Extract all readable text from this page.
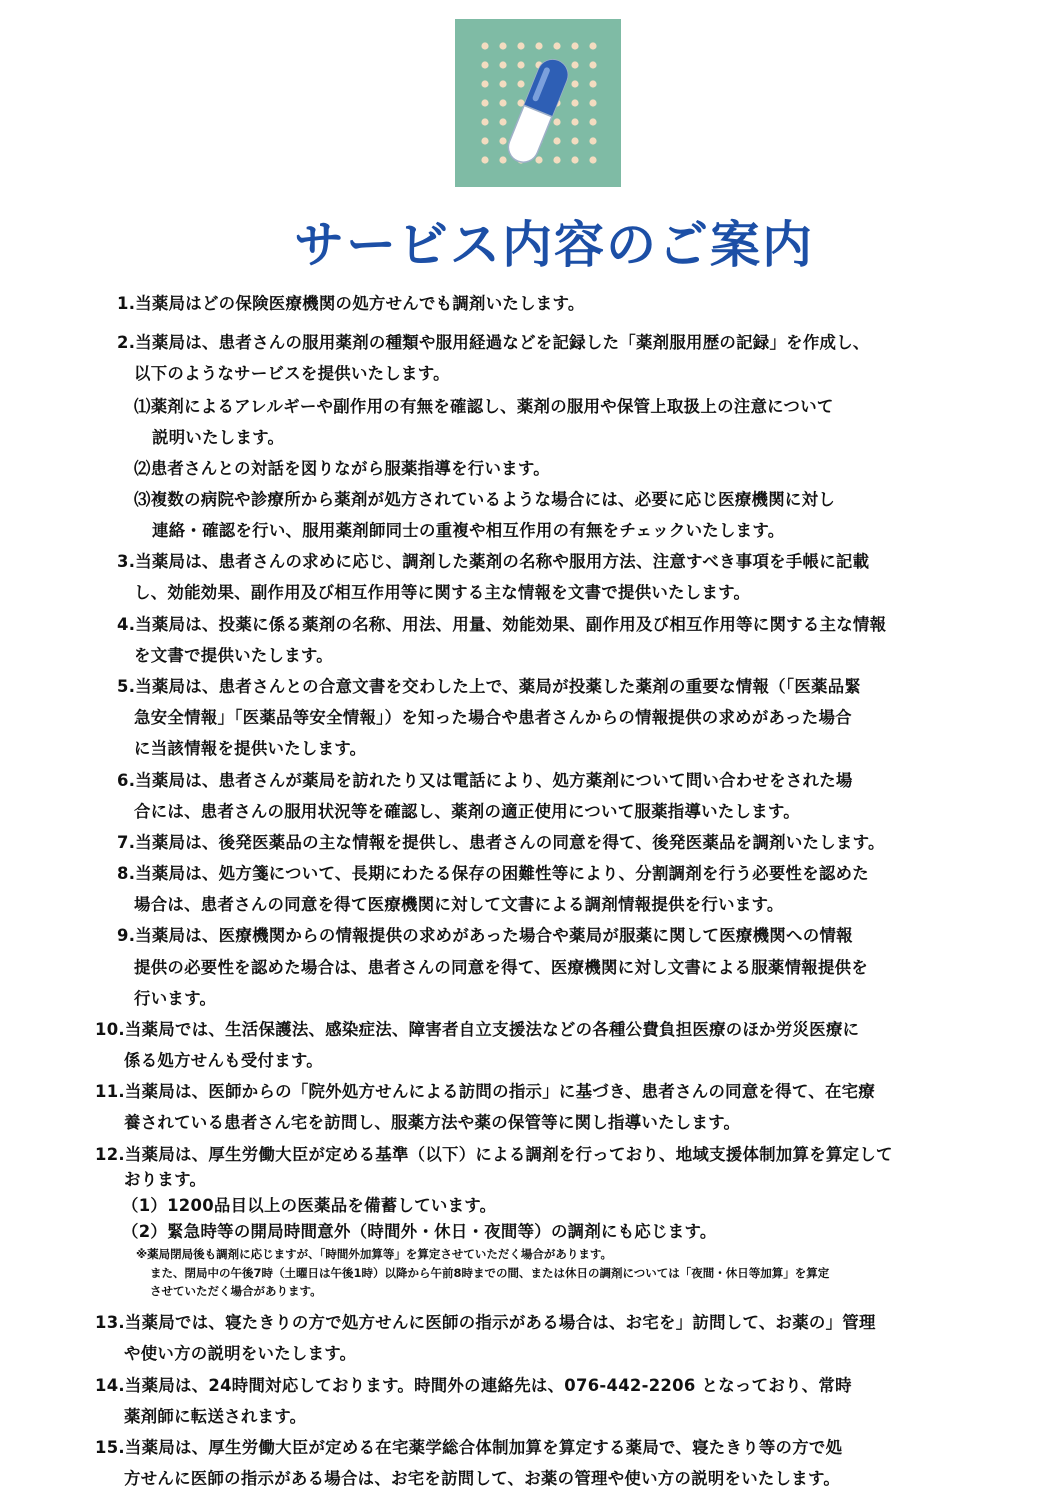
サービス内容のご案内
1.当薬局はどの保険医療機関の処方せんでも調剤いたします。
2.当薬局は、患者さんの服用薬剤の種類や服用経過などを記録した「薬剤服用歴の記録」を作成し、
以下のようなサービスを提供いたします。
⑴薬剤によるアレルギーや副作用の有無を確認し、薬剤の服用や保管上取扱上の注意について
説明いたします。
⑵患者さんとの対話を図りながら服薬指導を行います。
⑶複数の病院や診療所から薬剤が処方されているような場合には、必要に応じ医療機関に対し
連絡・確認を行い、服用薬剤師同士の重複や相互作用の有無をチェックいたします。
3.当薬局は、患者さんの求めに応じ、調剤した薬剤の名称や服用方法、注意すべき事項を手帳に記載
し、効能効果、副作用及び相互作用等に関する主な情報を文書で提供いたします。
4.当薬局は、投薬に係る薬剤の名称、用法、用量、効能効果、副作用及び相互作用等に関する主な情報
を文書で提供いたします。
5.当薬局は、患者さんとの合意文書を交わした上で、薬局が投薬した薬剤の重要な情報（「医薬品緊
急安全情報」「医薬品等安全情報」）を知った場合や患者さんからの情報提供の求めがあった場合
に当該情報を提供いたします。
6.当薬局は、患者さんが薬局を訪れたり又は電話により、処方薬剤について問い合わせをされた場
合には、患者さんの服用状況等を確認し、薬剤の適正使用について服薬指導いたします。
7.当薬局は、後発医薬品の主な情報を提供し、患者さんの同意を得て、後発医薬品を調剤いたします。
8.当薬局は、処方箋について、長期にわたる保存の困難性等により、分割調剤を行う必要性を認めた
場合は、患者さんの同意を得て医療機関に対して文書による調剤情報提供を行います。
9.当薬局は、医療機関からの情報提供の求めがあった場合や薬局が服薬に関して医療機関への情報
提供の必要性を認めた場合は、患者さんの同意を得て、医療機関に対し文書による服薬情報提供を
行います。
10.当薬局では、生活保護法、感染症法、障害者自立支援法などの各種公費負担医療のほか労災医療に
係る処方せんも受付ます。
11.当薬局は、医師からの「院外処方せんによる訪問の指示」に基づき、患者さんの同意を得て、在宅療
養されている患者さん宅を訪問し、服薬方法や薬の保管等に関し指導いたします。
12.当薬局は、厚生労働大臣が定める基準（以下）による調剤を行っており、地域支援体制加算を算定して
おります。
（1）1200品目以上の医薬品を備蓄しています。
（2）緊急時等の開局時間意外（時間外・休日・夜間等）の調剤にも応じます。
※薬局閉局後も調剤に応じますが、「時間外加算等」を算定させていただく場合があります。
また、閉局中の午後7時（土曜日は午後1時）以降から午前8時までの間、または休日の調剤については「夜間・休日等加算」を算定
させていただく場合があります。
13.当薬局では、寝たきりの方で処方せんに医師の指示がある場合は、お宅を」訪問して、お薬の」管理
や使い方の説明をいたします。
14.当薬局は、24時間対応しております。時間外の連絡先は、076-442-2206 となっており、常時
薬剤師に転送されます。
15.当薬局は、厚生労働大臣が定める在宅薬学総合体制加算を算定する薬局で、寝たきり等の方で処
方せんに医師の指示がある場合は、お宅を訪問して、お薬の管理や使い方の説明をいたします。
